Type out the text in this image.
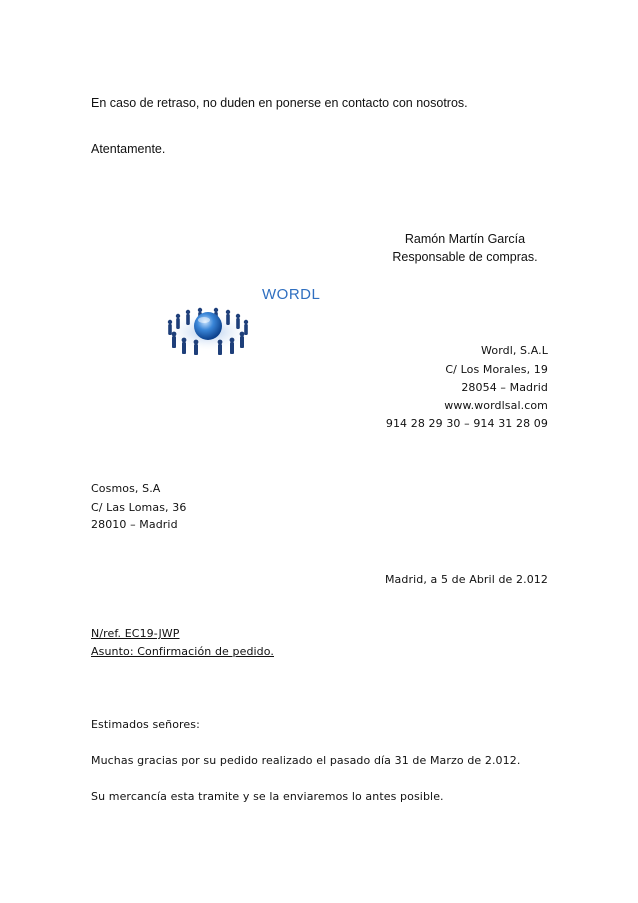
En caso de retraso, no duden en ponerse en contacto con nosotros.
Atentamente.
Ramón Martín García
Responsable de compras.
WORDL
Wordl, S.A.L
C/ Los Morales, 19
28054 – Madrid
www.wordlsal.com
914 28 29 30 – 914 31 28 09
Cosmos, S.A
C/ Las Lomas, 36
28010 – Madrid
Madrid, a 5 de Abril de 2.012
N/ref. EC19-JWP
Asunto: Confirmación de pedido.
Estimados señores:
Muchas gracias por su pedido realizado el pasado día 31 de Marzo de 2.012.
Su mercancía esta tramite y se la enviaremos lo antes posible.
